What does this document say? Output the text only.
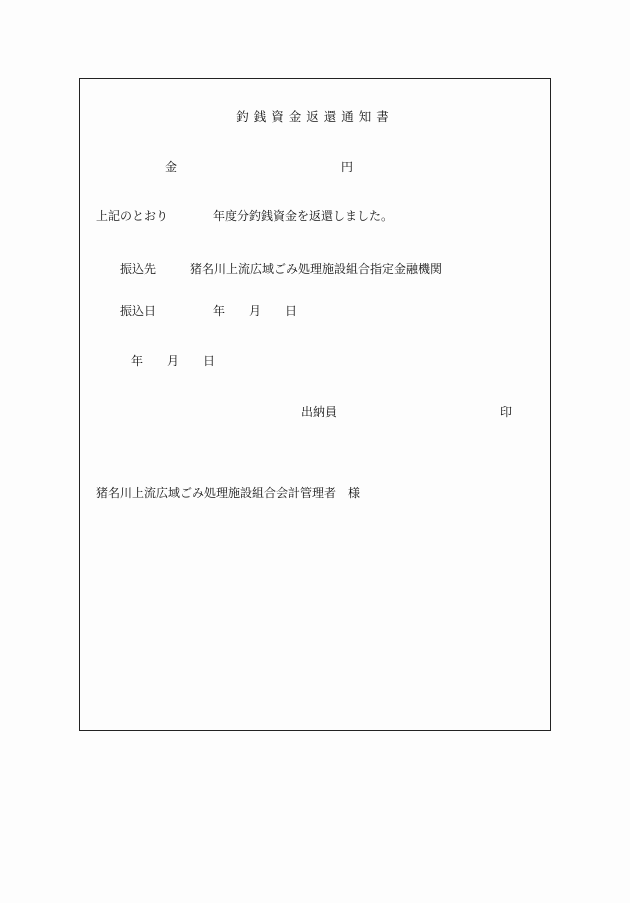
釣銭資金返還通知書
金	円
上記のとおり	年度分釣銭資金を返還しました。
振込先	猪名川上流広域ごみ処理施設組合指定金融機関
振込日	年 月 日
年 月 日
出納員	印
猪名川上流広域ごみ処理施設組合会計管理者　様
